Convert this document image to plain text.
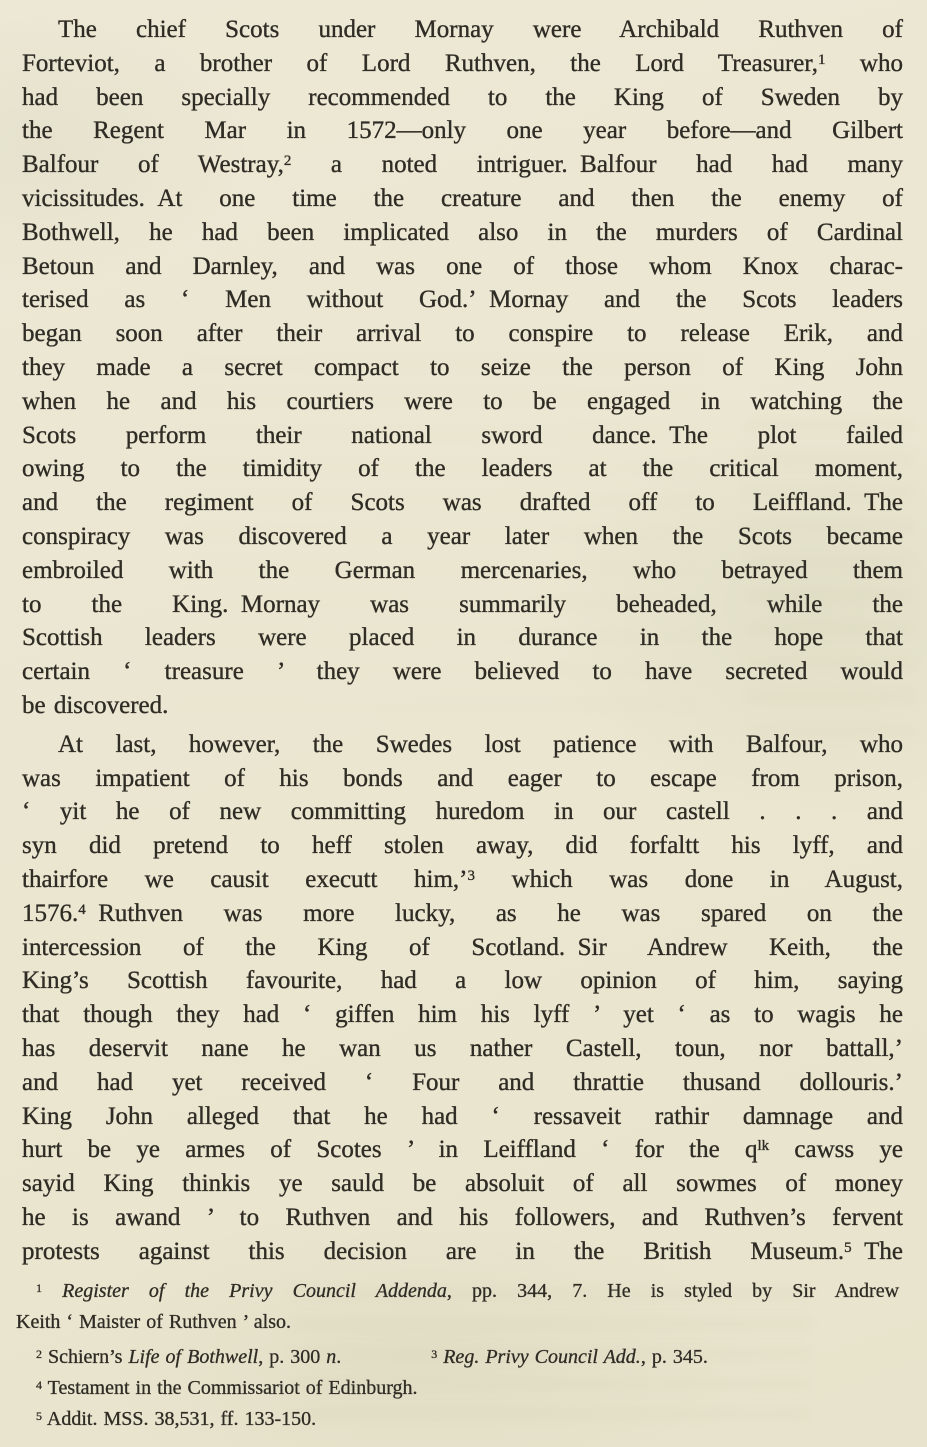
The chief Scots under Mornay were Archibald Ruthven of
Forteviot, a brother of Lord Ruthven, the Lord Treasurer,$^1$ who
had been specially recommended to the King of Sweden by
the Regent Mar in 1572—only one year before—and Gilbert
Balfour of Westray,$^2$ a noted intriguer. Balfour had had many
vicissitudes. At one time the creature and then the enemy of
Bothwell, he had been implicated also in the murders of Cardinal
Betoun and Darnley, and was one of those whom Knox charac-
terised as ‘ Men without God.’ Mornay and the Scots leaders
began soon after their arrival to conspire to release Erik, and
they made a secret compact to seize the person of King John
when he and his courtiers were to be engaged in watching the
Scots perform their national sword dance. The plot failed
owing to the timidity of the leaders at the critical moment,
and the regiment of Scots was drafted off to Leiffland. The
conspiracy was discovered a year later when the Scots became
embroiled with the German mercenaries, who betrayed them
to the King. Mornay was summarily beheaded, while the
Scottish leaders were placed in durance in the hope that
certain ‘ treasure ’ they were believed to have secreted would
be discovered.
At last, however, the Swedes lost patience with Balfour, who
was impatient of his bonds and eager to escape from prison,
‘ yit he of new committing huredom in our castell . . . and
syn did pretend to heff stolen away, did forfaltt his lyff, and
thairfore we causit executt him,’$^3$ which was done in August,
1576.$^4$ Ruthven was more lucky, as he was spared on the
intercession of the King of Scotland. Sir Andrew Keith, the
King’s Scottish favourite, had a low opinion of him, saying
that though they had ‘ giffen him his lyff ’ yet ‘ as to wagis he
has deservit nane he wan us nather Castell, toun, nor battall,’
and had yet received ‘ Four and thrattie thusand dollouris.’
King John alleged that he had ‘ ressaveit rathir damnage and
hurt be ye armes of Scotes ’ in Leiffland ‘ for the $q^{lk}$ cawss ye
sayid King thinkis ye sauld be absoluit of all sowmes of money
he is awand ’ to Ruthven and his followers, and Ruthven’s fervent
protests against this decision are in the British Museum.$^5$ The
$^1$ Register of the Privy Council Addenda, pp. 344, 7. He is styled by Sir Andrew
Keith ‘ Maister of Ruthven ’ also.
$^2$ Schiern’s Life of Bothwell, p. 300 n.     $^3$ Reg. Privy Council Add., p. 345.
$^4$ Testament in the Commissariot of Edinburgh.
$^5$ Addit. MSS. 38,531, ff. 133-150.
